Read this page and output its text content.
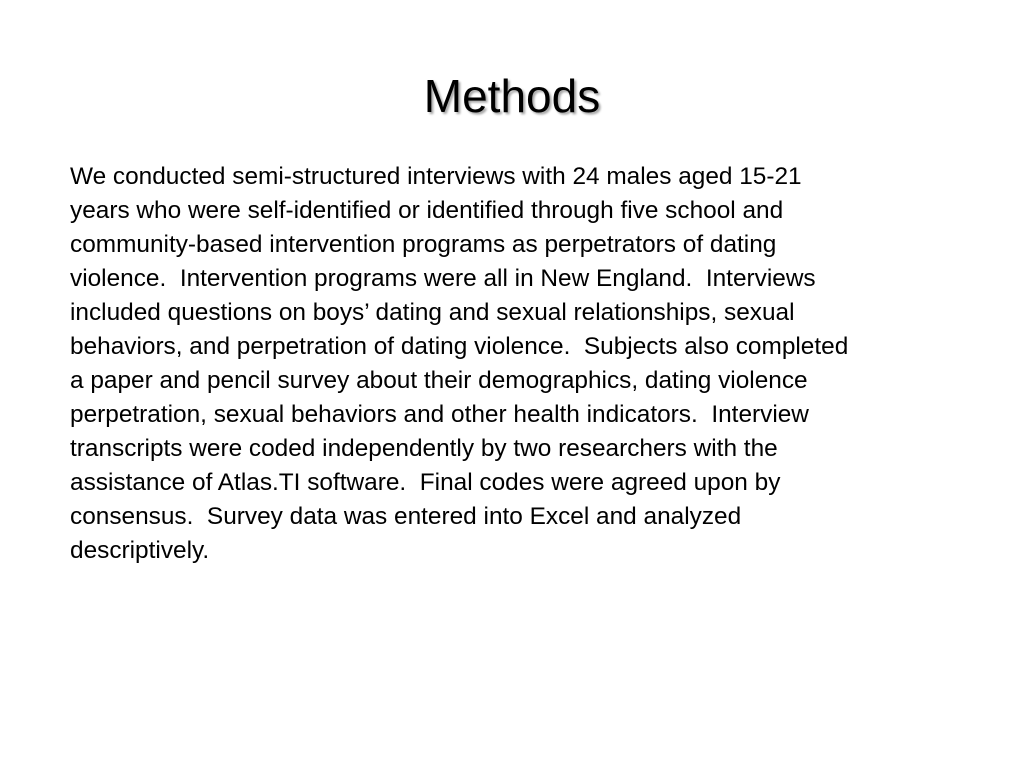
Methods

We conducted semi-structured interviews with 24 males aged 15-21
years who were self-identified or identified through five school and
community-based intervention programs as perpetrators of dating
violence.  Intervention programs were all in New England.  Interviews
included questions on boys’ dating and sexual relationships, sexual
behaviors, and perpetration of dating violence.  Subjects also completed
a paper and pencil survey about their demographics, dating violence
perpetration, sexual behaviors and other health indicators.  Interview
transcripts were coded independently by two researchers with the
assistance of Atlas.TI software.  Final codes were agreed upon by
consensus.  Survey data was entered into Excel and analyzed
descriptively.
